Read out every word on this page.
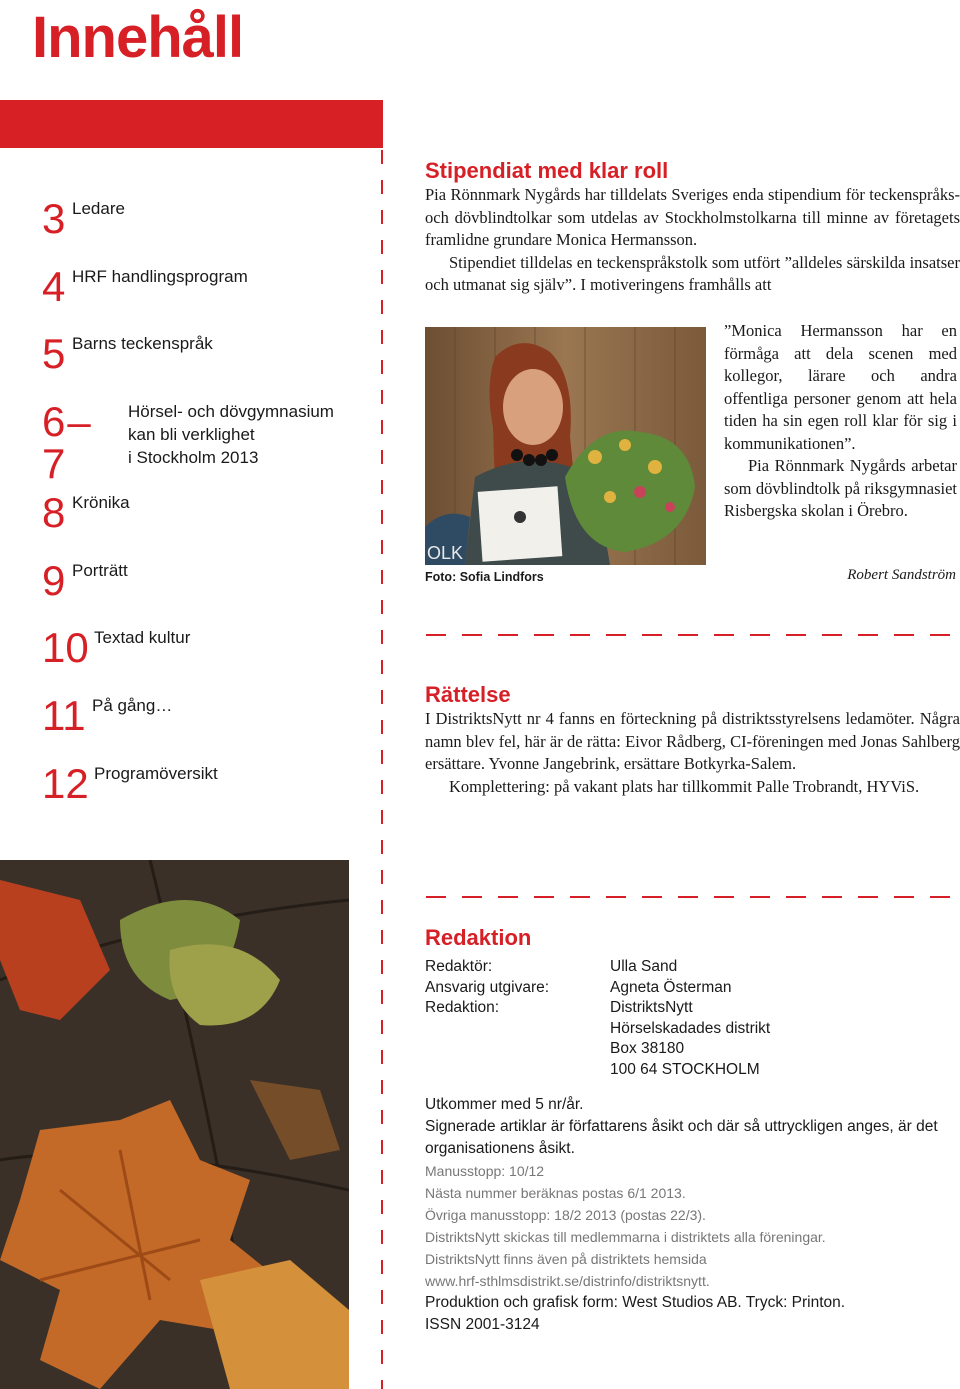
Innehåll
3 Ledare
4 HRF handlingsprogram
5 Barns teckenspråk
6–7
Hörsel- och dövgymnasium
kan bli verklighet
i Stockholm 2013
8 Krönika
9 Porträtt
10 Textad kultur
11 På gång…
12 Programöversikt
Stipendiat med klar roll

Pia Rönnmark Nygårds har tilldelats Sveriges enda stipendium för teckenspråks- och dövblindtolkar som utdelas av Stockholmstolkarna till minne av företagets framlidne grundare Monica Hermansson.

Stipendiet tilldelas en teckenspråkstolk som utfört ”alldeles särskilda insatser och utmanat sig själv”. I motiveringens framhålls att

OLK
Foto: Sofia Lindfors

”Monica Hermansson har en förmåga att dela scenen med kollegor, lärare och andra offentliga personer genom att hela tiden ha sin egen roll klar för sig i kommunikationen”.

Pia Rönnmark Nygårds arbetar som dövblindtolk på riksgymnasiet Risbergska skolan i Örebro.

Robert Sandström
Rättelse

I DistriktsNytt nr 4 fanns en förteckning på distriktsstyrelsens ledamöter. Några namn blev fel, här är de rätta: Eivor Rådberg, CI-föreningen med Jonas Sahlberg ersättare. Yvonne Jangebrink, ersättare Botkyrka-Salem.

Komplettering: på vakant plats har tillkommit Palle Trobrandt, HYViS.

Redaktion
Redaktör:	Ulla Sand
Ansvarig utgivare:	Agneta Österman
Redaktion:	DistriktsNytt
Hörselskadades distrikt
Box 38180
100 64 STOCKHOLM

Utkommer med 5 nr/år.

Signerade artiklar är författarens åsikt och där så uttryckligen anges, är det organisationens åsikt.

Manusstopp: 10/12

Nästa nummer beräknas postas 6/1 2013.

Övriga manusstopp: 18/2 2013 (postas 22/3).

DistriktsNytt skickas till medlemmarna i distriktets alla föreningar.

DistriktsNytt finns även på distriktets hemsida

www.hrf-sthlmsdistrikt.se/distrinfo/distriktsnytt.

Produktion och grafisk form: West Studios AB. Tryck: Printon.

ISSN 2001-3124
